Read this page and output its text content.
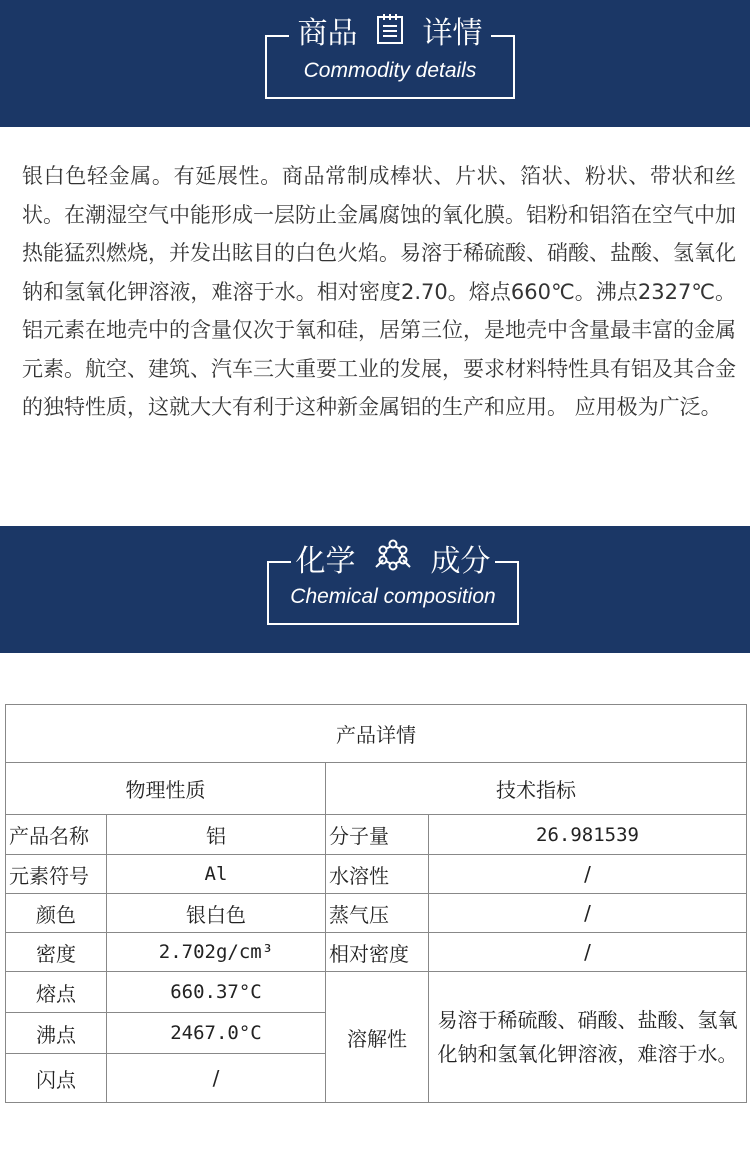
商品 详情
Commodity details
银白色轻金属。有延展性。商品常制成棒状、片状、箔状、粉状、带状和丝状。在潮湿空气中能形成一层防止金属腐蚀的氧化膜。铝粉和铝箔在空气中加热能猛烈燃烧，并发出眩目的白色火焰。易溶于稀硫酸、硝酸、盐酸、氢氧化钠和氢氧化钾溶液，难溶于水。相对密度2.70。熔点660℃。沸点2327℃。铝元素在地壳中的含量仅次于氧和硅，居第三位，是地壳中含量最丰富的金属元素。航空、建筑、汽车三大重要工业的发展，要求材料特性具有铝及其合金的独特性质，这就大大有利于这种新金属铝的生产和应用。 应用极为广泛。
化学	成分
Chemical composition
产品详情			
物理性质		技术指标	
产品名称	铝	分子量	26.981539
元素符号	Al	水溶性	/
颜色	银白色	蒸气压	/
密度	2.702g/cm³	相对密度	/
熔点	660.37°C	溶解性	易溶于稀硫酸、硝酸、盐酸、氢氧化钠和氢氧化钾溶液，难溶于水。
沸点	2467.0°C		
闪点	/		
